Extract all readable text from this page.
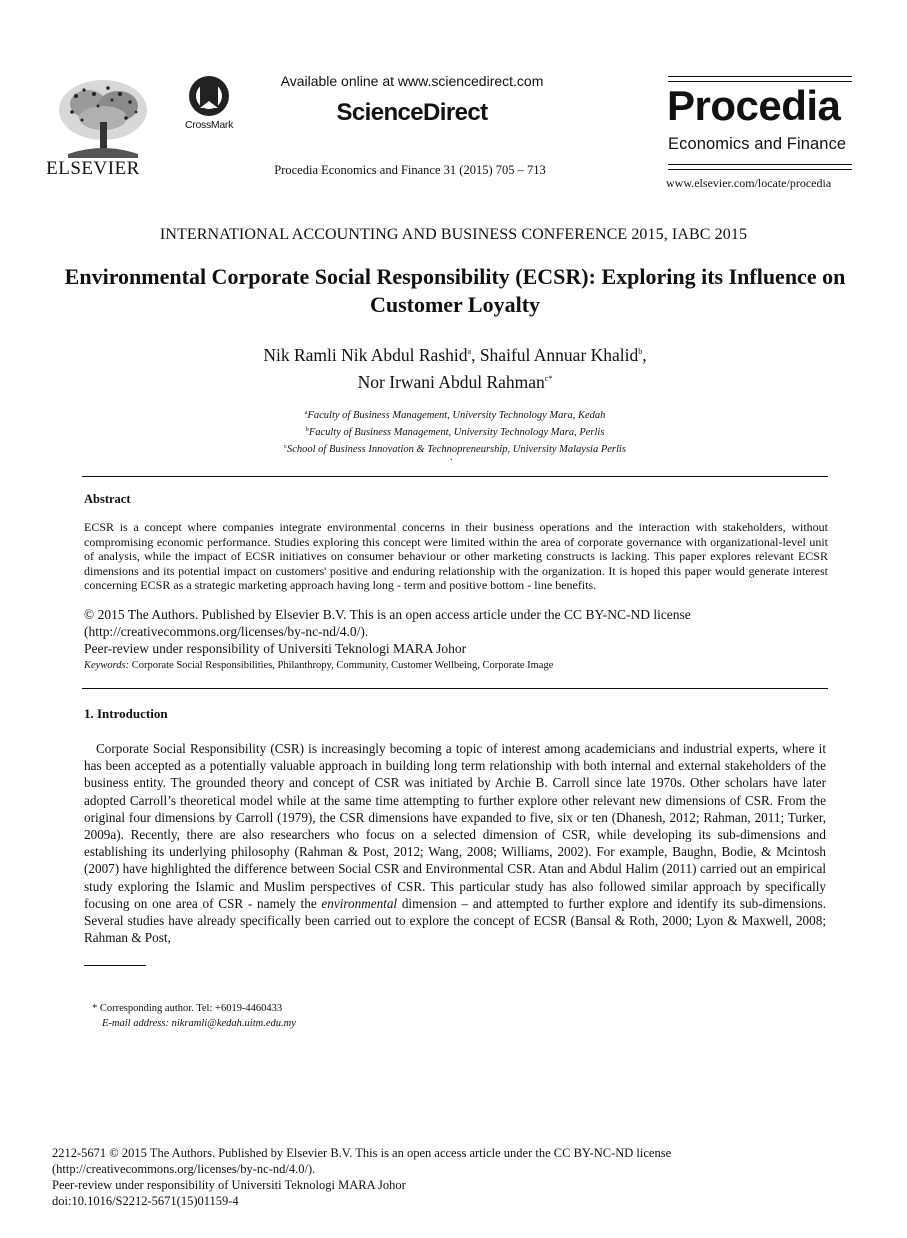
ELSEVIER
CrossMark
Available online at www.sciencedirect.com
ScienceDirect
Procedia Economics and Finance 31 (2015) 705 – 713
Procedia
Economics and Finance
www.elsevier.com/locate/procedia
INTERNATIONAL ACCOUNTING AND BUSINESS CONFERENCE 2015, IABC 2015
Environmental Corporate Social Responsibility (ECSR): Exploring its Influence on Customer Loyalty
Nik Ramli Nik Abdul Rashid$^a$, Shaiful Annuar Khalid$^b$,
Nor Irwani Abdul Rahman$^{c*}$
$^a$Faculty of Business Management, University Technology Mara, Kedah
$^b$Faculty of Business Management, University Technology Mara, Perlis
$^c$School of Business Innovation & Technopreneurship, University Malaysia Perlis
.
Abstract
ECSR is a concept where companies integrate environmental concerns in their business operations and the interaction with stakeholders, without compromising economic performance. Studies exploring this concept were limited within the area of corporate governance with organizational-level unit of analysis, while the impact of ECSR initiatives on consumer behaviour or other marketing constructs is lacking. This paper explores relevant ECSR dimensions and its potential impact on customers' positive and enduring relationship with the organization. It is hoped this paper would generate interest concerning ECSR as a strategic marketing approach having long - term and positive bottom - line benefits.
© 2015 The Authors. Published by Elsevier B.V. This is an open access article under the CC BY-NC-ND license
(http://creativecommons.org/licenses/by-nc-nd/4.0/).
Peer-review under responsibility of Universiti Teknologi MARA Johor
Keywords: Corporate Social Responsibilities, Philanthropy, Community, Customer Wellbeing, Corporate Image
1. Introduction

Corporate Social Responsibility (CSR) is increasingly becoming a topic of interest among academicians and industrial experts, where it has been accepted as a potentially valuable approach in building long term relationship with both internal and external stakeholders of the business entity. The grounded theory and concept of CSR was initiated by Archie B. Carroll since late 1970s. Other scholars have later adopted Carroll’s theoretical model while at the same time attempting to further explore other relevant new dimensions of CSR. From the original four dimensions by Carroll (1979), the CSR dimensions have expanded to five, six or ten (Dhanesh, 2012; Rahman, 2011; Turker, 2009a). Recently, there are also researchers who focus on a selected dimension of CSR, while developing its sub-dimensions and establishing its underlying philosophy (Rahman & Post, 2012; Wang, 2008; Williams, 2002). For example, Baughn, Bodie, & Mcintosh (2007) have highlighted the difference between Social CSR and Environmental CSR. Atan and Abdul Halim (2011) carried out an empirical study exploring the Islamic and Muslim perspectives of CSR. This particular study has also followed similar approach by specifically focusing on one area of CSR - namely the environmental dimension – and attempted to further explore and identify its sub-dimensions. Several studies have already specifically been carried out to explore the concept of ECSR (Bansal & Roth, 2000; Lyon & Maxwell, 2008; Rahman & Post,

* Corresponding author. Tel: +6019-4460433
E-mail address: nikramli@kedah.uitm.edu.my
2212-5671 © 2015 The Authors. Published by Elsevier B.V. This is an open access article under the CC BY-NC-ND license
(http://creativecommons.org/licenses/by-nc-nd/4.0/).
Peer-review under responsibility of Universiti Teknologi MARA Johor
doi:10.1016/S2212-5671(15)01159-4
